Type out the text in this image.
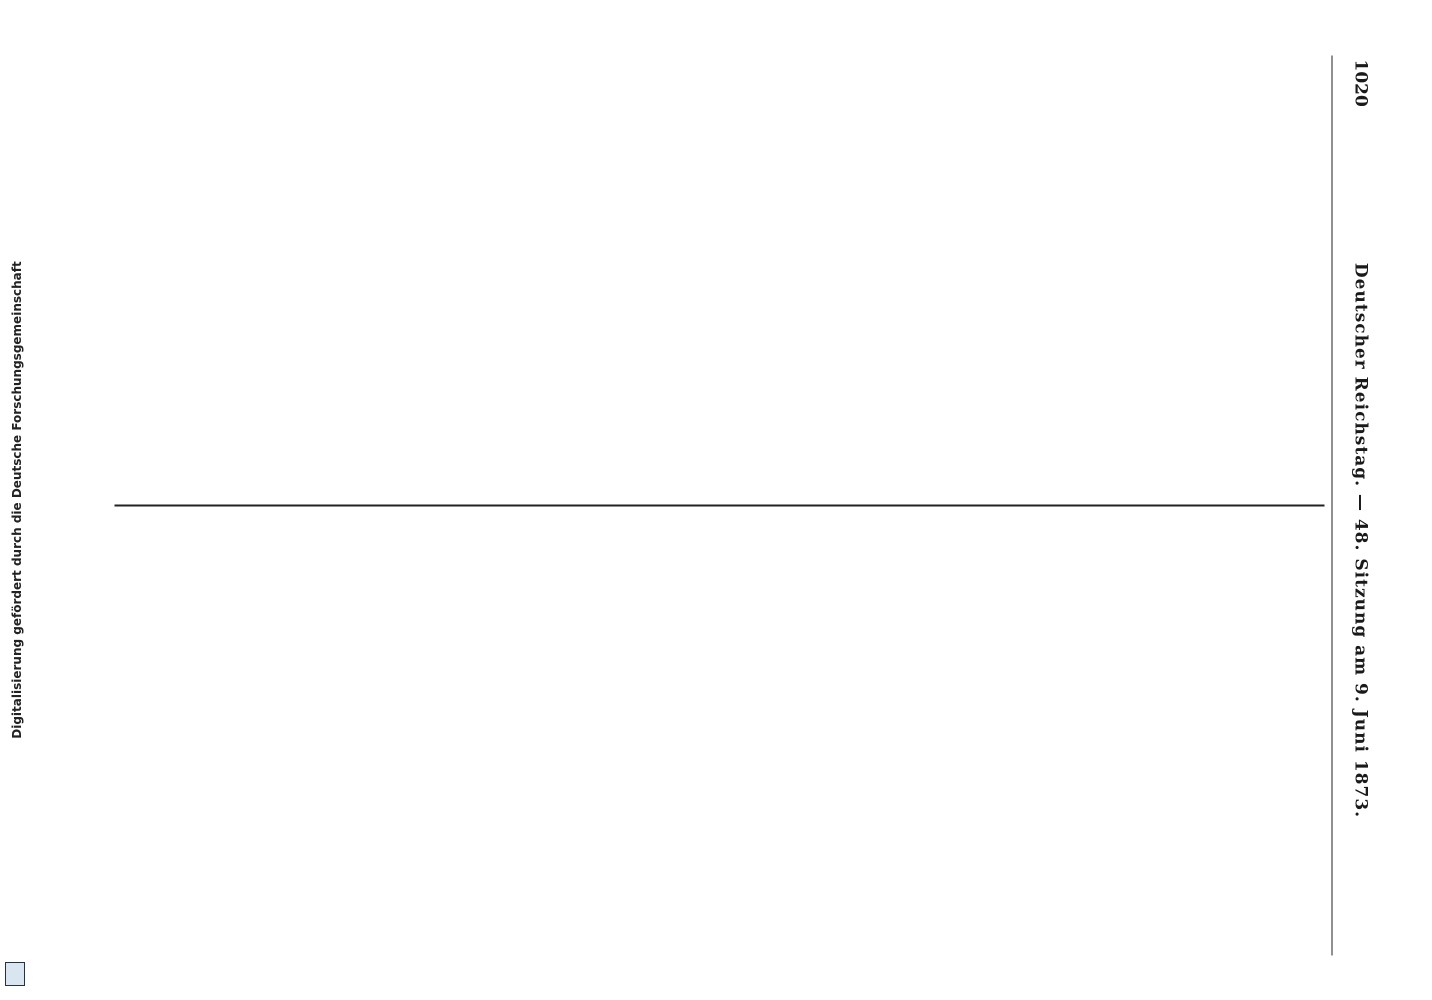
Digitalisierung gefördert durch die Deutsche Forschungsgemeinschaft
1020
Deutscher Reichstag. — 48. Sitzung am 9. Juni 1873.
